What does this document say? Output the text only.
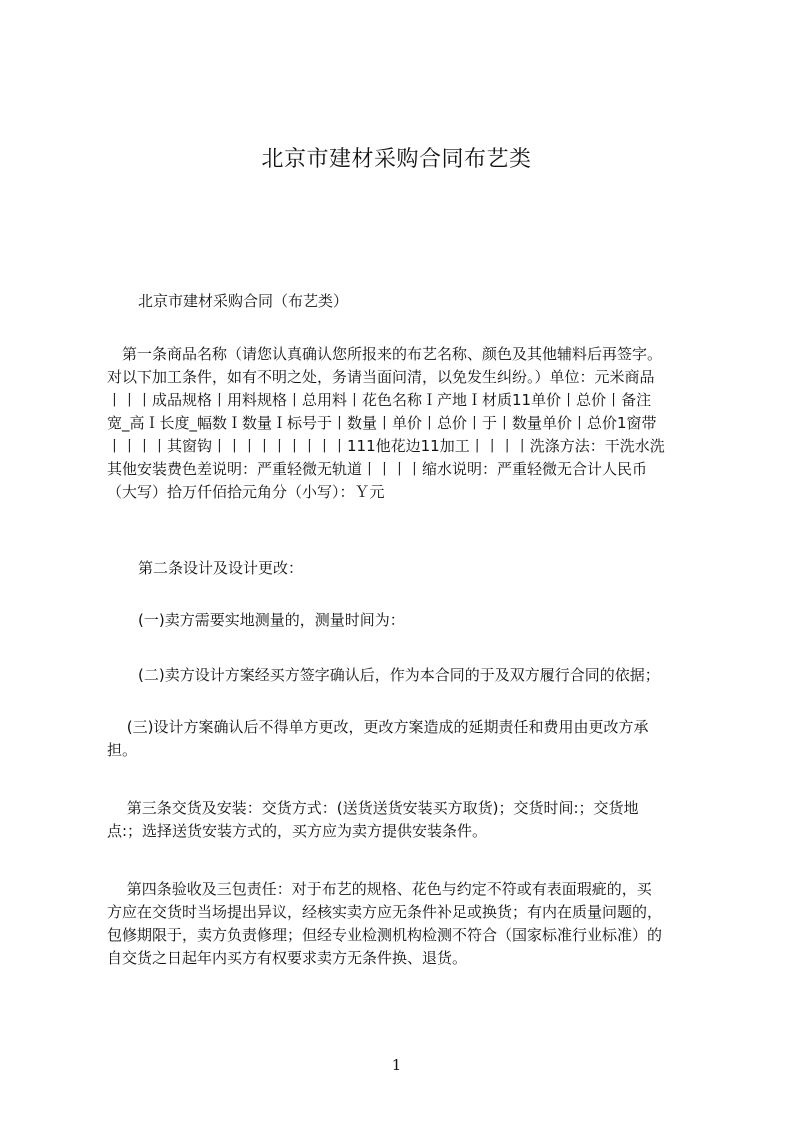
北京市建材采购合同布艺类
北京市建材采购合同（布艺类）
　第一条商品名称（请您认真确认您所报来的布艺名称、颜色及其他辅料后再签字。
对以下加工条件，如有不明之处，务请当面问清，以免发生纠纷。）单位：元米商品
丨丨丨成品规格丨用料规格丨总用料丨花色名称Ｉ产地Ｉ材质11单价丨总价丨备注
宽_高Ｉ长度_幅数Ｉ数量Ｉ标号于丨数量丨单价丨总价丨于丨数量单价丨总价1窗带
丨丨丨丨其窗钩丨丨丨丨丨丨丨丨丨111他花边11加工丨丨丨丨洗涤方法：干洗水洗
其他安装费色差说明：严重轻微无轨道丨丨丨丨缩水说明：严重轻微无合计人民币
（大写）拾万仟佰拾元角分（小写）：Ｙ元
第二条设计及设计更改：
(一)卖方需要实地测量的，测量时间为：
(二)卖方设计方案经买方签字确认后，作为本合同的于及双方履行合同的依据；
　 (三)设计方案确认后不得单方更改，更改方案造成的延期责任和费用由更改方承
担。
　 第三条交货及安装：交货方式：(送货送货安装买方取货)；交货时间:；交货地
点:；选择送货安装方式的，买方应为卖方提供安装条件。
　 第四条验收及三包责任：对于布艺的规格、花色与约定不符或有表面瑕疵的，买
方应在交货时当场提出异议，经核实卖方应无条件补足或换货；有内在质量问题的，
包修期限于，卖方负责修理；但经专业检测机构检测不符合（国家标准行业标准）的
自交货之日起年内买方有权要求卖方无条件换、退货。
1
